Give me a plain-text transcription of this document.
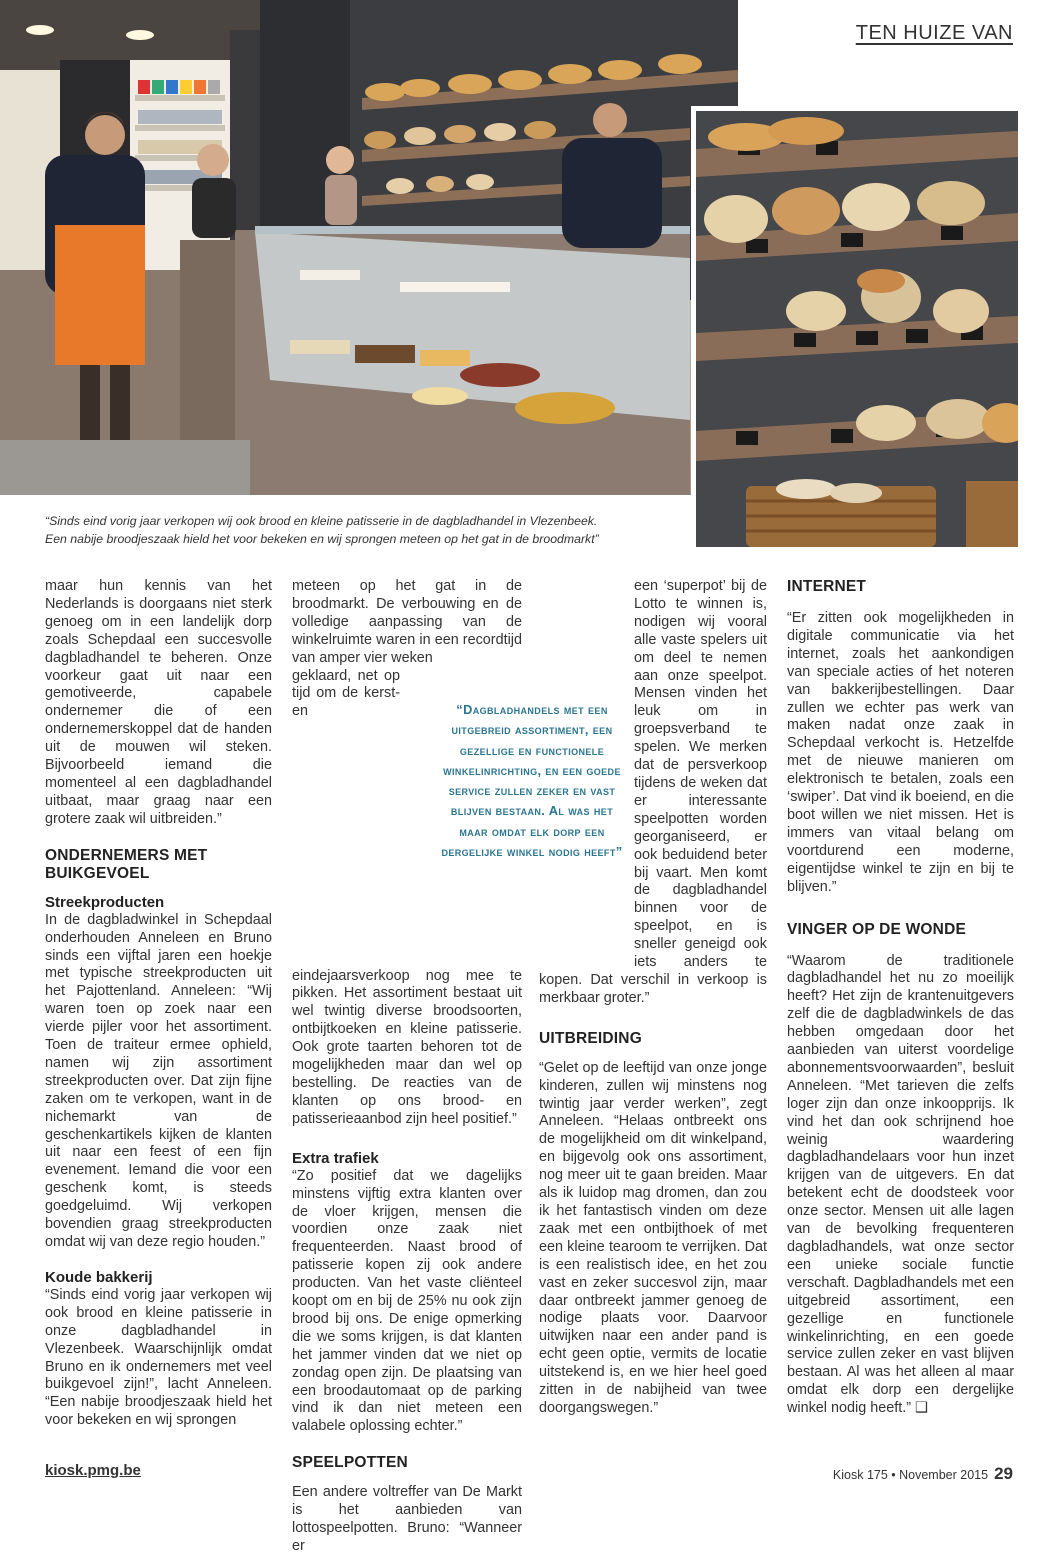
TEN HUIZE VAN
“Sinds eind vorig jaar verkopen wij ook brood en kleine patisserie in de dagbladhandel in Vlezenbeek.
Een nabije broodjeszaak hield het voor bekeken en wij sprongen meteen op het gat in de broodmarkt”

maar hun kennis van het Nederlands is doorgaans niet sterk genoeg om in een landelijk dorp zoals Schepdaal een succesvolle dagbladhandel te beheren. Onze voorkeur gaat uit naar een gemotiveerde, capabele ondernemer die of een ondernemerskoppel dat de handen uit de mouwen wil steken. Bijvoorbeeld iemand die momenteel al een dagbladhandel uitbaat, maar graag naar een grotere zaak wil uitbreiden.”

ONDERNEMERS MET BUIKGEVOEL
Streekproducten

In de dagbladwinkel in Schepdaal onderhouden Anneleen en Bruno sinds een vijftal jaren een hoekje met typische streekproducten uit het Pajottenland. Anneleen: “Wij waren toen op zoek naar een vierde pijler voor het assortiment. Toen de traiteur ermee ophield, namen wij zijn assortiment streekproducten over. Dat zijn fijne zaken om te verkopen, want in de nichemarkt van de geschenkartikels kijken de klanten uit naar een feest of een fijn evenement. Iemand die voor een geschenk komt, is steeds goedgeluimd. Wij verkopen bovendien graag streekproducten omdat wij van deze regio houden.”

Koude bakkerij

“Sinds eind vorig jaar verkopen wij ook brood en kleine patisserie in onze dagbladhandel in Vlezenbeek. Waarschijnlijk omdat Bruno en ik ondernemers met veel buikgevoel zijn!”, lacht Anneleen. “Een nabije broodjeszaak hield het voor bekeken en wij sprongen

meteen op het gat in de broodmarkt. De verbouwing en de volledige aanpassing van de winkelruimte waren in een recordtijd van amper vier weken

geklaard, net op tijd om de kerst- en eindejaarsverkoop nog mee te pikken. Het assortiment bestaat uit wel twintig diverse broodsoorten, ontbijtkoeken en kleine patisserie. Ook grote taarten behoren tot de mogelijkheden maar dan wel op bestelling. De reacties van de klanten op ons brood- en patisserieaanbod zijn heel positief.”

Extra trafiek

“Zo positief dat we dagelijks minstens vijftig extra klanten over de vloer krijgen, mensen die voordien onze zaak niet frequenteerden. Naast brood of patisserie kopen zij ook andere producten. Van het vaste cliënteel koopt om en bij de 25% nu ook zijn brood bij ons. De enige opmerking die we soms krijgen, is dat klanten het jammer vinden dat we niet op zondag open zijn. De plaatsing van een broodautomaat op de parking vind ik dan niet meteen een valabele oplossing echter.”

SPEELPOTTEN

Een andere voltreffer van De Markt is het aanbieden van lottospeelpotten. Bruno: “Wanneer er

“Dagbladhandels met een uitgebreid assortiment, een gezellige en functionele winkelinrichting, en een goede service zullen zeker en vast blijven bestaan. Al was het maar omdat elk dorp een dergelijke winkel nodig heeft”

een ‘superpot’ bij de Lotto te winnen is, nodigen wij vooral alle vaste spelers uit om deel te nemen aan onze speelpot. Mensen vinden het leuk om in groepsverband te spelen. We merken dat de persverkoop tijdens de weken dat er interessante speelpotten worden georganiseerd, er ook beduidend beter bij vaart. Men komt de dagbladhandel binnen voor de speelpot, en is sneller geneigd ook iets anders te kopen. Dat verschil in verkoop is merkbaar groter.”

UITBREIDING

“Gelet op de leeftijd van onze jonge kinderen, zullen wij minstens nog twintig jaar verder werken”, zegt Anneleen. “Helaas ontbreekt ons de mogelijkheid om dit winkelpand, en bijgevolg ook ons assortiment, nog meer uit te gaan breiden. Maar als ik luidop mag dromen, dan zou ik het fantastisch vinden om deze zaak met een ontbijthoek of met een kleine tearoom te verrijken. Dat is een realistisch idee, en het zou vast en zeker succesvol zijn, maar daar ontbreekt jammer genoeg de nodige plaats voor. Daarvoor uitwijken naar een ander pand is echt geen optie, vermits de locatie uitstekend is, en we hier heel goed zitten in de nabijheid van twee doorgangswegen.”

INTERNET

“Er zitten ook mogelijkheden in digitale communicatie via het internet, zoals het aankondigen van speciale acties of het noteren van bakkerijbestellingen. Daar zullen we echter pas werk van maken nadat onze zaak in Schepdaal verkocht is. Hetzelfde met de nieuwe manieren om elektronisch te betalen, zoals een ‘swiper’. Dat vind ik boeiend, en die boot willen we niet missen. Het is immers van vitaal belang om voortdurend een moderne, eigentijdse winkel te zijn en bij te blijven.”

VINGER OP DE WONDE

“Waarom de traditionele dagbladhandel het nu zo moeilijk heeft? Het zijn de krantenuitgevers zelf die de dagbladwinkels de das hebben omgedaan door het aanbieden van uiterst voordelige abonnementsvoorwaarden”, besluit Anneleen. “Met tarieven die zelfs loger zijn dan onze inkoopprijs. Ik vind het dan ook schrijnend hoe weinig waardering dagbladhandelaars voor hun inzet krijgen van de uitgevers. En dat betekent echt de doodsteek voor onze sector. Mensen uit alle lagen van de bevolking frequenteren dagbladhandels, wat onze sector een unieke sociale functie verschaft. Dagbladhandels met een uitgebreid assortiment, een gezellige en functionele winkelinrichting, en een goede service zullen zeker en vast blijven bestaan. Al was het alleen al maar omdat elk dorp een dergelijke winkel nodig heeft.” ❑

kiosk.pmg.be	Kiosk 175 • November 2015 29
